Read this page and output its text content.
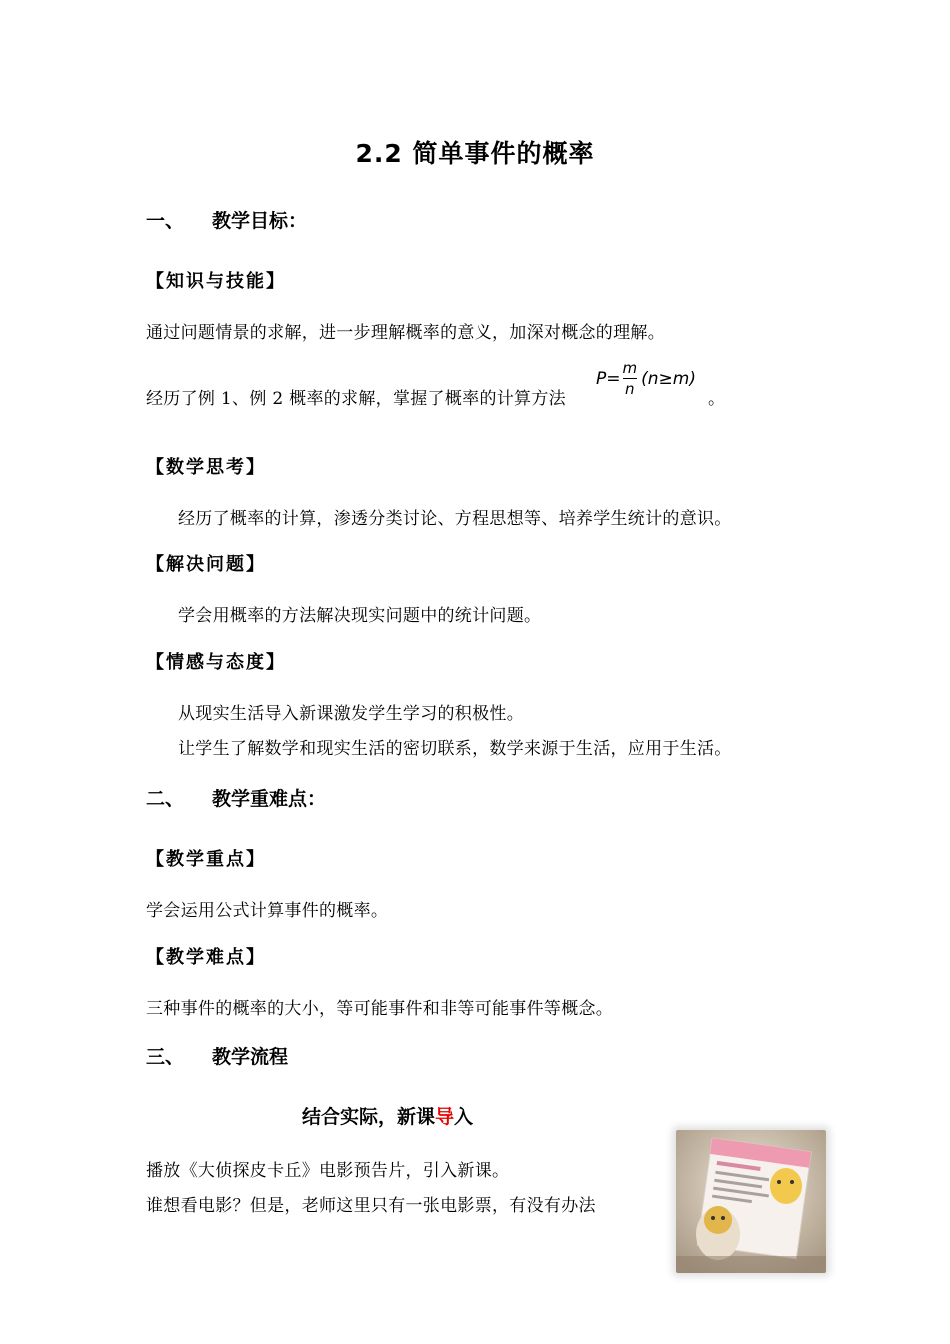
2.2 简单事件的概率
一、 教学目标：
【知识与技能】
通过问题情景的求解，进一步理解概率的意义，加深对概念的理解。
经历了例 1、例 2 概率的求解，掌握了概率的计算方法
$P= \frac{m}{n} (n\ge m)$
。
【数学思考】
经历了概率的计算，渗透分类讨论、方程思想等、培养学生统计的意识。
【解决问题】
学会用概率的方法解决现实问题中的统计问题。
【情感与态度】
从现实生活导入新课激发学生学习的积极性。
让学生了解数学和现实生活的密切联系，数学来源于生活，应用于生活。
二、 教学重难点：
【教学重点】
学会运用公式计算事件的概率。
【教学难点】
三种事件的概率的大小，等可能事件和非等可能事件等概念。
三、 教学流程
结合实际，新课导入
播放《大侦探皮卡丘》电影预告片，引入新课。
谁想看电影？但是，老师这里只有一张电影票，有没有办法
